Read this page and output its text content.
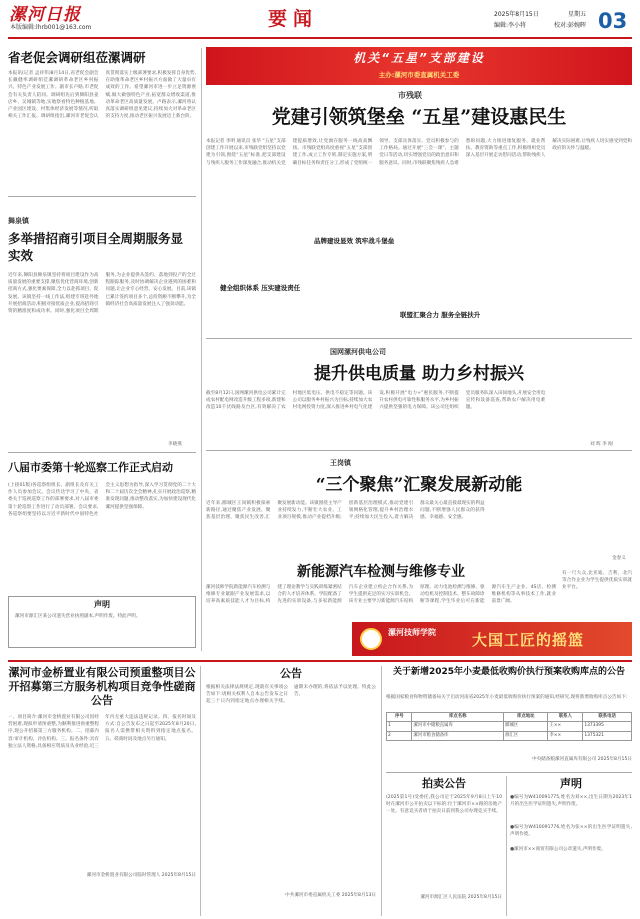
漯河日报
本版编辑:lhrb001@163.com	要闻	2025年8月15日	星期五
编辑:李小将	校对:彭婉晖 03
省老促会调研组莅漯调研
本报讯(记者 孟祥伟)8月14日,省老促会副会长戴健率调研组莅漯调研革命老区乡村振兴、特色产业发展工作。副市长卢路,市老促会有关负责人陪同。调研组先后到舞阳县姜店乡、吴城镇等地,实地察看特色种植基地、产业园区建设、村集体经济发展等情况,听取相关工作汇报。调研组指出,漯河市老促会认真贯彻落实上级部署要求,积极发挥自身优势,在助推革命老区乡村振兴方面做了大量卓有成效的工作。希望漯河市进一步立足资源禀赋,做大做强特色产业,拓宽群众增收渠道,推动革命老区高质量发展。卢路表示,漯河将认真落实调研组意见建议,持续加大对革命老区的支持力度,推动老区振兴发展迈上新台阶。
舞泉镇
多举措招商引项目全周期服务显实效
近年来,舞阳县舞泉镇坚持将项目建设作为高质量发展的重要支撑,聚焦优化营商环境,创新招商方式,强化要素保障,全力以赴抓项目、促发展。该镇坚持一线工作法,组建专班赴外地开展招商活动,积极对接优质企业,提高招商引资的精准度和成功率。同时,强化项目全周期服务,为企业提供从签约、落地到投产的全过程跟踪服务,及时协调解决企业遇到的困难和问题,让企业专心经营、安心发展。目前,该镇已累计签约项目多个,总投资额不断攀升,为全镇经济社会高质量发展注入了强劲动能。
李晓燕
八届市委第十轮巡察工作正式启动
(上接01版)各巡察组组长、副组长及有关工作人员参加会议。会议传达学习了中央、省委关于巡视巡察工作的部署要求,对八届市委第十轮巡察工作进行了动员部署。会议要求,各巡察组要坚持以习近平新时代中国特色社会主义思想为指导,深入学习贯彻党的二十大和二十届历次全会精神,扎实开展政治巡察,精准发现问题,推动整改落实,为加快建设现代化漯河提供坚强保障。
声明
漯河市源汇区某公司遗失营业执照副本,声明作废。特此声明。
机关“五星”支部建设
主办:漯河市委直属机关工委
市残联
党建引领筑堡垒 “五星”建设惠民生
本报记者 李明 通讯员 张华 “五星”支部创建工作开展以来,市残联党组坚持以党建为引领,围绕“五星”标准,把支部建设与残疾人服务工作深度融合,推动机关党建提质增效,让党旗在服务一线高高飘扬。市残联党组高度重视“五星”支部创建工作,成立工作专班,制定实施方案,明确目标任务和责任分工,形成了党组统一领导、支部具体落实、党员积极参与的工作格局。通过开展“三会一课”、主题党日等活动,切实增强党员的政治意识和服务意识。同时,市残联聚焦残疾人急难愁盼问题,大力推进康复服务、就业帮扶、教育资助等重点工作,积极组织党员深入基层开展走访慰问活动,帮助残疾人解决实际困难,让残疾人切实感受到党和政府的关怀与温暖。
健全组织体系 压实建设责任
品牌建设显效 筑牢战斗堡垒
联盟汇聚合力 服务全链扶升
国网漯河供电公司
提升供电质量 助力乡村振兴
截至8月12日,国网漯河供电公司累计完成农村配电网改造升级工程多项,新建和改造10千伏线路及台区,有效解决了农村地区低电压、供电不稳定等问题。该公司以服务乡村振兴为目标,持续加大农村电网投资力度,深入推进乡村电气化建设,积极开展“电力+”惠民服务,不断提升农村供电可靠性和服务水平,为乡村振兴提供坚强的电力保障。该公司还组织党员服务队深入田间地头,开展安全用电宣传和设备巡查,帮助农户解决用电难题。
刘 辉 李 刚
王岗镇
“三个聚焦”汇聚发展新动能
近年来,郾城区王岗镇积极探索新路径,通过聚焦产业发展、聚焦基层治理、聚焦民生改善,汇聚发展新动能。该镇围绕主导产业持续发力,不断壮大农业、工业项目规模,推动产业提档升级;创新基层治理模式,推动党建引领网格化管理,提升乡村治理水平;持续加大民生投入,着力解决群众最关心最直接最现实的利益问题,不断增强人民群众的获得感、幸福感、安全感。
金春义
新能源汽车检测与维修专业
漯河技师学院新能源汽车检测与维修专业紧跟产业发展需求,以培养高素质技能人才为目标,构建了理论教学与实践训练紧密结合的人才培养体系。学院配备了先进的实训设备,与多家新能源汽车企业建立校企合作关系,为学生提供充足的实习实训机会。该专业主要学习新能源汽车结构原理、动力电池检测与维修、驱动电机及控制技术、整车故障诊断等课程,学生毕业后可在新能源汽车生产企业、4S店、检测维修机构等从事技术工作,就业前景广阔。
有一尺大众,比亚迪、吉利、北汽等合作企业为学生提供优质实训就业平台。
漯河技师学院 大国工匠的摇篮
漯河市金桥置业有限公司预重整项目公开招募第三方服务机构项目竞争性磋商公告
一、项目简介:漯河市金桥置业有限公司因经营困难,现拟申请预重整,为顺利推进预重整程序,现公开招募第三方服务机构。二、招募内容:审计机构、评估机构。三、报名条件:具有独立法人资格,具备相应资质及从业经验,近三年内无重大违法违规记录。四、报名时间及方式:自公告发布之日起至2025年8月20日,报名人需携带相关资料到指定地点报名。五、磋商时间及地点另行通知。
漯河市金桥置业有限公司临时管理人 2025年8月15日
公告
根据相关法律法规规定,现就有关事项公告如下:请相关权利人自本公告发布之日起三十日内到指定地点办理相关手续。逾期未办理的,将依法予以处理。特此公告。
中共漯河市委直属机关工委 2025年8月13日
关于新增2025年小麦最低收购价执行预案收购库点的公告
根据国家粮食和物资储备局关于启动河南省2025年小麦最低收购价执行预案的通知,经研究,现将新增收购库点公告如下:
序号	库点名称	库点地址	联系人	联系电话
1	漯河市中储粮直属库	郾城区	王××	1373395
2	漯河市粮食储备库	源汇区	李××	1375321
中央储备粮漯河直属库有限公司 2025年8月15日
拍卖公告
(2025第1号)受委托,我公司定于2025年9月8日上午10时在漯河市公开拍卖以下标的:位于漯河市××路的房地产一处。有意竞买者请于拍卖日前到我公司办理竞买手续。
漯河市源汇区人民法院 2025年8月15日
声明
●编号为W410091775,姓名为刘××,出生日期为2023年1月的出生医学证明遗失,声明作废。
●编号为W410091776,姓名为张××的出生医学证明遗失,声明作废。
●漯河市××商贸有限公司公章遗失,声明作废。
